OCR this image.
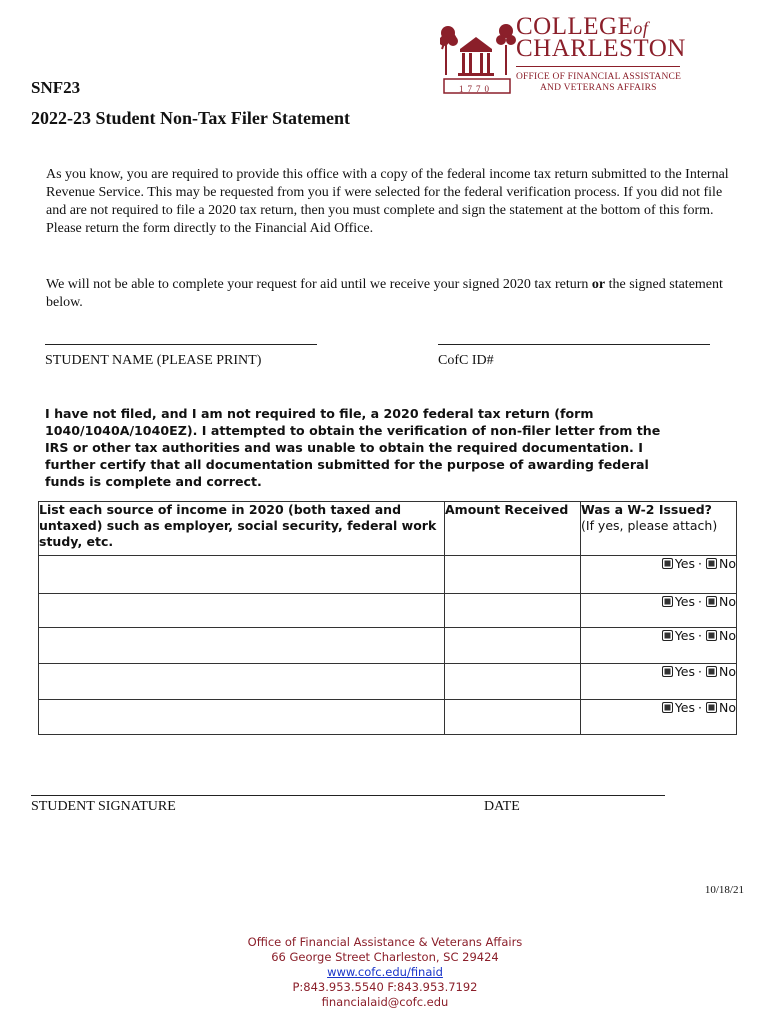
COLLEGEof
CHARLESTON
OFFICE OF FINANCIAL ASSISTANCE
AND VETERANS AFFAIRS
1770
SNF23
2022-23 Student Non-Tax Filer Statement
As you know, you are required to provide this office with a copy of the federal income tax return submitted to the Internal Revenue Service. This may be requested from you if were selected for the federal verification process. If you did not file and are not required to file a 2020 tax return, then you must complete and sign the statement at the bottom of this form. Please return the form directly to the Financial Aid Office.
We will not be able to complete your request for aid until we receive your signed 2020 tax return or the signed statement below.
STUDENT NAME (PLEASE PRINT)	CofC ID#
I have not filed, and I am not required to file, a 2020 federal tax return (form 1040/1040A/1040EZ). I attempted to obtain the verification of non-filer letter from the IRS or other tax authorities and was unable to obtain the required documentation. I further certify that all documentation submitted for the purpose of awarding federal funds is complete and correct.
List each source of income in 2020 (both taxed and untaxed) such as employer, social security, federal work study, etc.	Amount Received	Was a W-2 Issued?
(If yes, please attach)

		Yes · No
		Yes · No
		Yes · No
		Yes · No
		Yes · No
STUDENT SIGNATURE	DATE
10/18/21
Office of Financial Assistance & Veterans Affairs
66 George Street Charleston, SC 29424
www.cofc.edu/finaid
P:843.953.5540 F:843.953.7192
financialaid@cofc.edu
